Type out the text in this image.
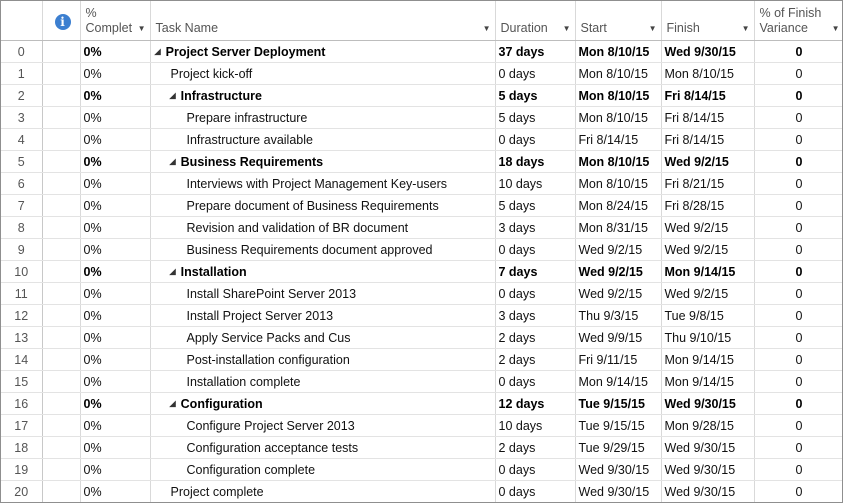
	i	%
Complet ▼	Task Name ▼	Duration ▼	Start ▼	Finish ▼	% of Finish
Variance ▼

0		0%	◢ Project Server Deployment	37 days	Mon 8/10/15	Wed 9/30/15	0
1		0%	Project kick-off	0 days	Mon 8/10/15	Mon 8/10/15	0
2		0%	◢ Infrastructure	5 days	Mon 8/10/15	Fri 8/14/15	0
3		0%	Prepare infrastructure	5 days	Mon 8/10/15	Fri 8/14/15	0
4		0%	Infrastructure available	0 days	Fri 8/14/15	Fri 8/14/15	0
5		0%	◢ Business Requirements	18 days	Mon 8/10/15	Wed 9/2/15	0
6		0%	Interviews with Project Management Key-users	10 days	Mon 8/10/15	Fri 8/21/15	0
7		0%	Prepare document of Business Requirements	5 days	Mon 8/24/15	Fri 8/28/15	0
8		0%	Revision and validation of BR document	3 days	Mon 8/31/15	Wed 9/2/15	0
9		0%	Business Requirements document approved	0 days	Wed 9/2/15	Wed 9/2/15	0
10		0%	◢ Installation	7 days	Wed 9/2/15	Mon 9/14/15	0
11		0%	Install SharePoint Server 2013	0 days	Wed 9/2/15	Wed 9/2/15	0
12		0%	Install Project Server 2013	3 days	Thu 9/3/15	Tue 9/8/15	0
13		0%	Apply Service Packs and Cus	2 days	Wed 9/9/15	Thu 9/10/15	0
14		0%	Post-installation configuration	2 days	Fri 9/11/15	Mon 9/14/15	0
15		0%	Installation complete	0 days	Mon 9/14/15	Mon 9/14/15	0
16		0%	◢ Configuration	12 days	Tue 9/15/15	Wed 9/30/15	0
17		0%	Configure Project Server 2013	10 days	Tue 9/15/15	Mon 9/28/15	0
18		0%	Configuration acceptance tests	2 days	Tue 9/29/15	Wed 9/30/15	0
19		0%	Configuration complete	0 days	Wed 9/30/15	Wed 9/30/15	0
20		0%	Project complete	0 days	Wed 9/30/15	Wed 9/30/15	0
